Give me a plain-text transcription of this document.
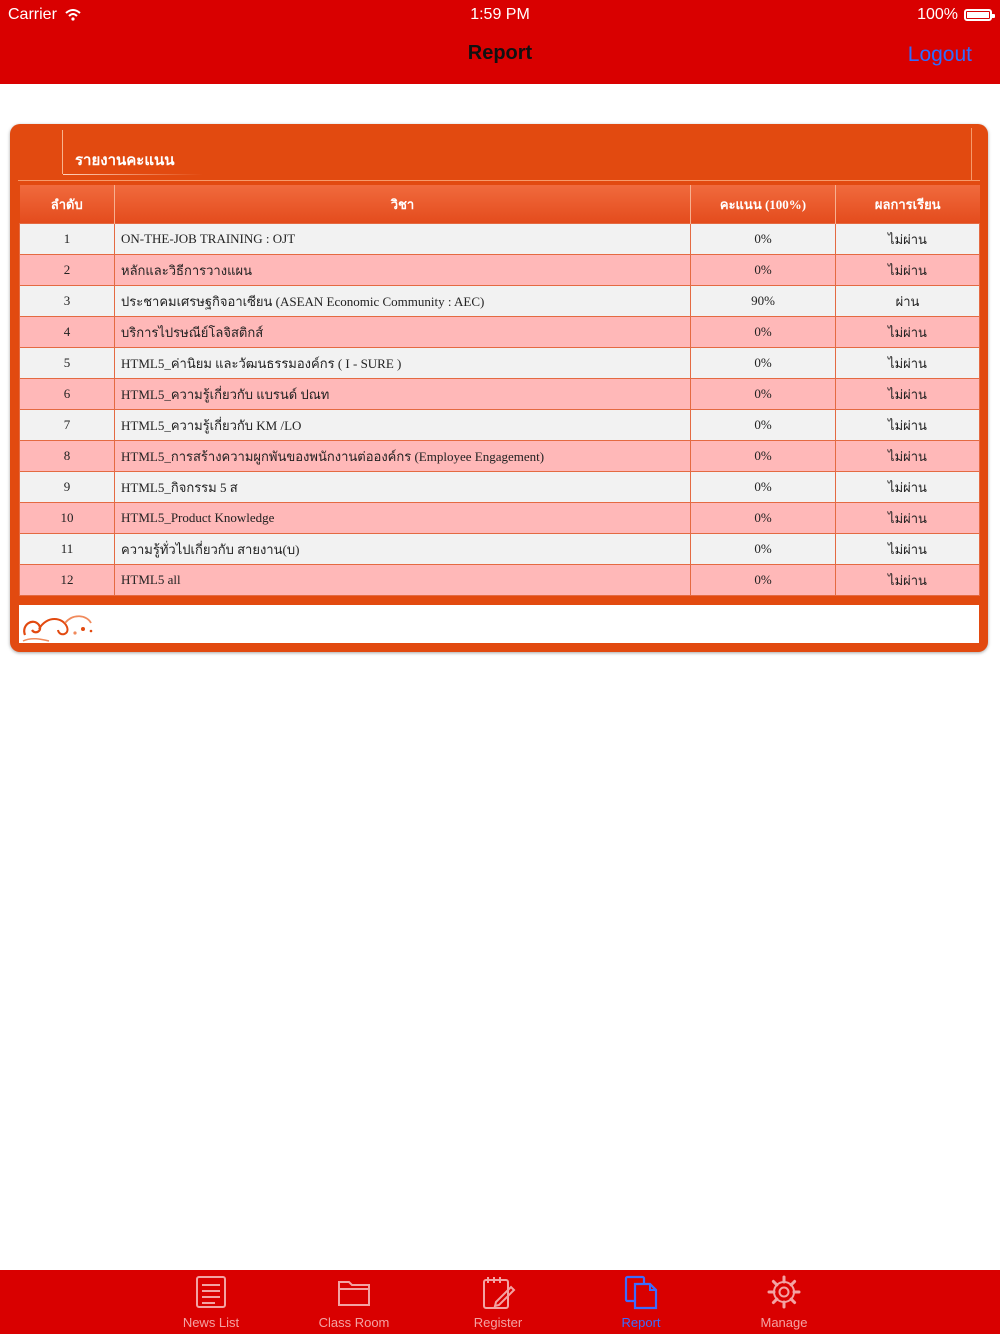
Carrier	1:59 PM	100%
Report	Logout
รายงานคะแนน
ลำดับ	วิชา	คะแนน (100%)	ผลการเรียน
1	ON-THE-JOB TRAINING : OJT	0%	ไม่ผ่าน
2	หลักและวิธีการวางแผน	0%	ไม่ผ่าน
3	ประชาคมเศรษฐกิจอาเซียน (ASEAN Economic Community : AEC)	90%	ผ่าน
4	บริการไปรษณีย์โลจิสติกส์	0%	ไม่ผ่าน
5	HTML5_ค่านิยม และวัฒนธรรมองค์กร ( I - SURE )	0%	ไม่ผ่าน
6	HTML5_ความรู้เกี่ยวกับ แบรนด์ ปณท	0%	ไม่ผ่าน
7	HTML5_ความรู้เกี่ยวกับ KM /LO	0%	ไม่ผ่าน
8	HTML5_การสร้างความผูกพันของพนักงานต่อองค์กร (Employee Engagement)	0%	ไม่ผ่าน
9	HTML5_กิจกรรม 5 ส	0%	ไม่ผ่าน
10	HTML5_Product Knowledge	0%	ไม่ผ่าน
11	ความรู้ทั่วไปเกี่ยวกับ สายงาน(บ)	0%	ไม่ผ่าน
12	HTML5 all	0%	ไม่ผ่าน
News List	Class Room	Register	Report	Manage
